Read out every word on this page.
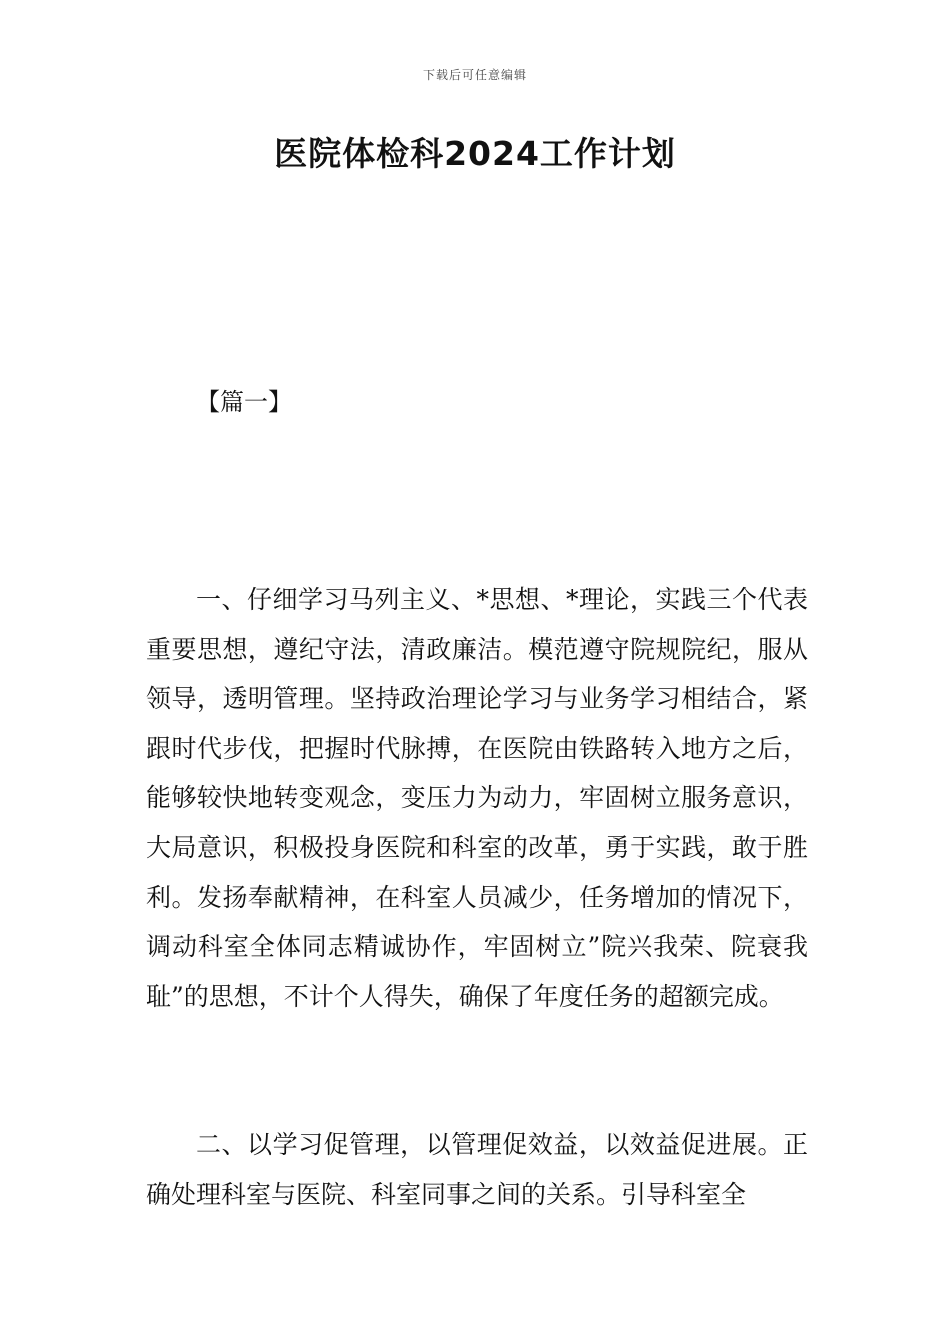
下载后可任意编辑
医院体检科2024工作计划
【篇一】

一、仔细学习马列主义、*思想、*理论，实践三个代表重要思想，遵纪守法，清政廉洁。模范遵守院规院纪，服从领导，透明管理。坚持政治理论学习与业务学习相结合，紧跟时代步伐，把握时代脉搏，在医院由铁路转入地方之后，能够较快地转变观念，变压力为动力，牢固树立服务意识，大局意识，积极投身医院和科室的改革，勇于实践，敢于胜利。发扬奉献精神，在科室人员减少，任务增加的情况下，调动科室全体同志精诚协作，牢固树立”院兴我荣、院衰我耻”的思想，不计个人得失，确保了年度任务的超额完成。

二、以学习促管理，以管理促效益，以效益促进展。正确处理科室与医院、科室同事之间的关系。引导科室全
